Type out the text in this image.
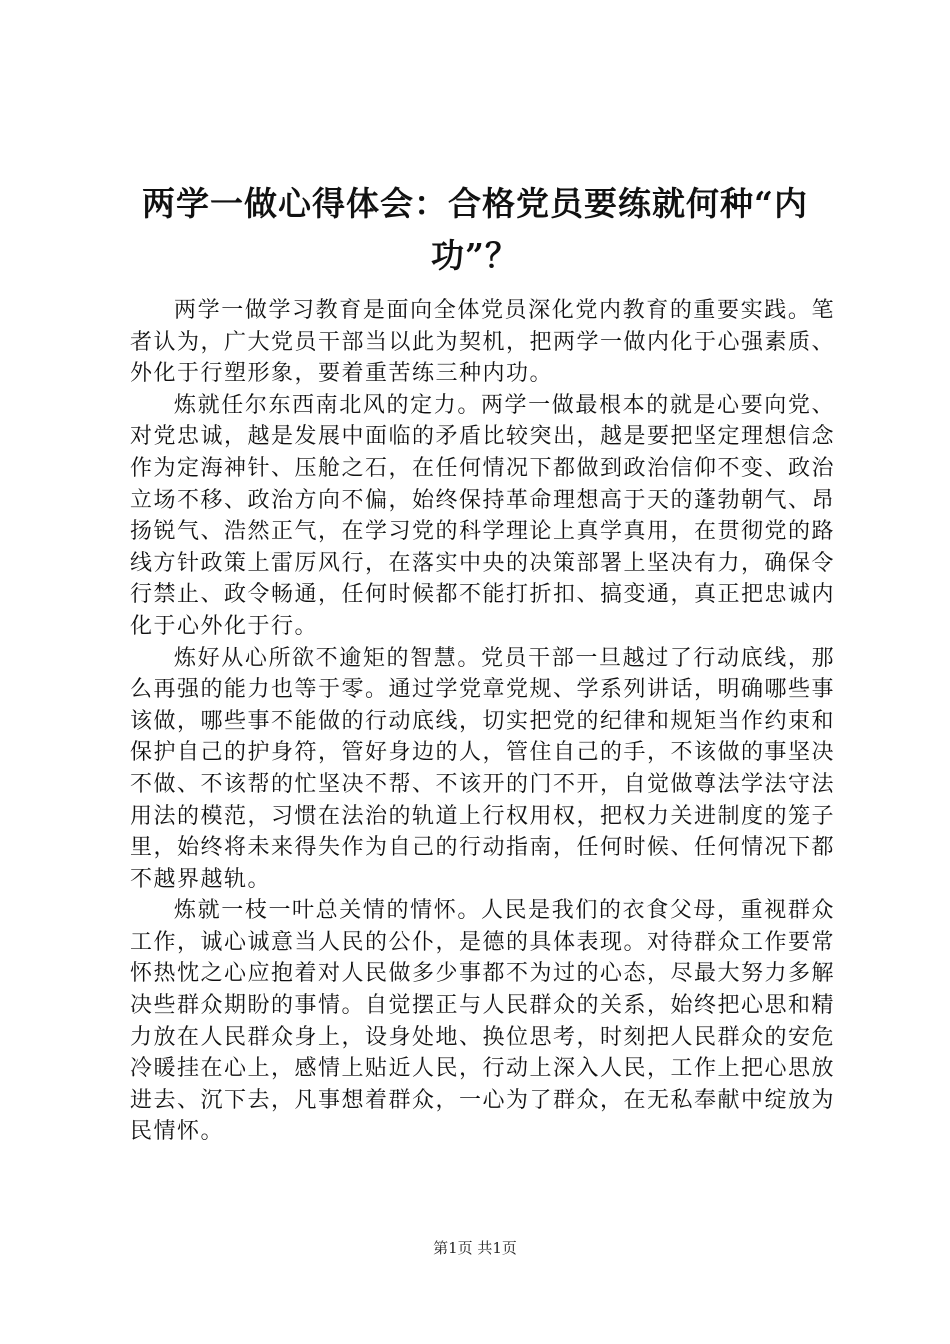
两学一做心得体会：合格党员要练就何种“内功”？

两学一做学习教育是面向全体党员深化党内教育的重要实践。笔者认为，广大党员干部当以此为契机，把两学一做内化于心强素质、外化于行塑形象，要着重苦练三种内功。

炼就任尔东西南北风的定力。两学一做最根本的就是心要向党、对党忠诚，越是发展中面临的矛盾比较突出，越是要把坚定理想信念作为定海神针、压舱之石，在任何情况下都做到政治信仰不变、政治立场不移、政治方向不偏，始终保持革命理想高于天的蓬勃朝气、昂扬锐气、浩然正气，在学习党的科学理论上真学真用，在贯彻党的路线方针政策上雷厉风行，在落实中央的决策部署上坚决有力，确保令行禁止、政令畅通，任何时候都不能打折扣、搞变通，真正把忠诚内化于心外化于行。

炼好从心所欲不逾矩的智慧。党员干部一旦越过了行动底线，那么再强的能力也等于零。通过学党章党规、学系列讲话，明确哪些事该做，哪些事不能做的行动底线，切实把党的纪律和规矩当作约束和保护自己的护身符，管好身边的人，管住自己的手，不该做的事坚决不做、不该帮的忙坚决不帮、不该开的门不开，自觉做尊法学法守法用法的模范，习惯在法治的轨道上行权用权，把权力关进制度的笼子里，始终将未来得失作为自己的行动指南，任何时候、任何情况下都不越界越轨。

炼就一枝一叶总关情的情怀。人民是我们的衣食父母，重视群众工作，诚心诚意当人民的公仆，是德的具体表现。对待群众工作要常怀热忱之心应抱着对人民做多少事都不为过的心态，尽最大努力多解决些群众期盼的事情。自觉摆正与人民群众的关系，始终把心思和精力放在人民群众身上，设身处地、换位思考，时刻把人民群众的安危冷暖挂在心上，感情上贴近人民，行动上深入人民，工作上把心思放进去、沉下去，凡事想着群众，一心为了群众，在无私奉献中绽放为民情怀。

第1页 共1页
